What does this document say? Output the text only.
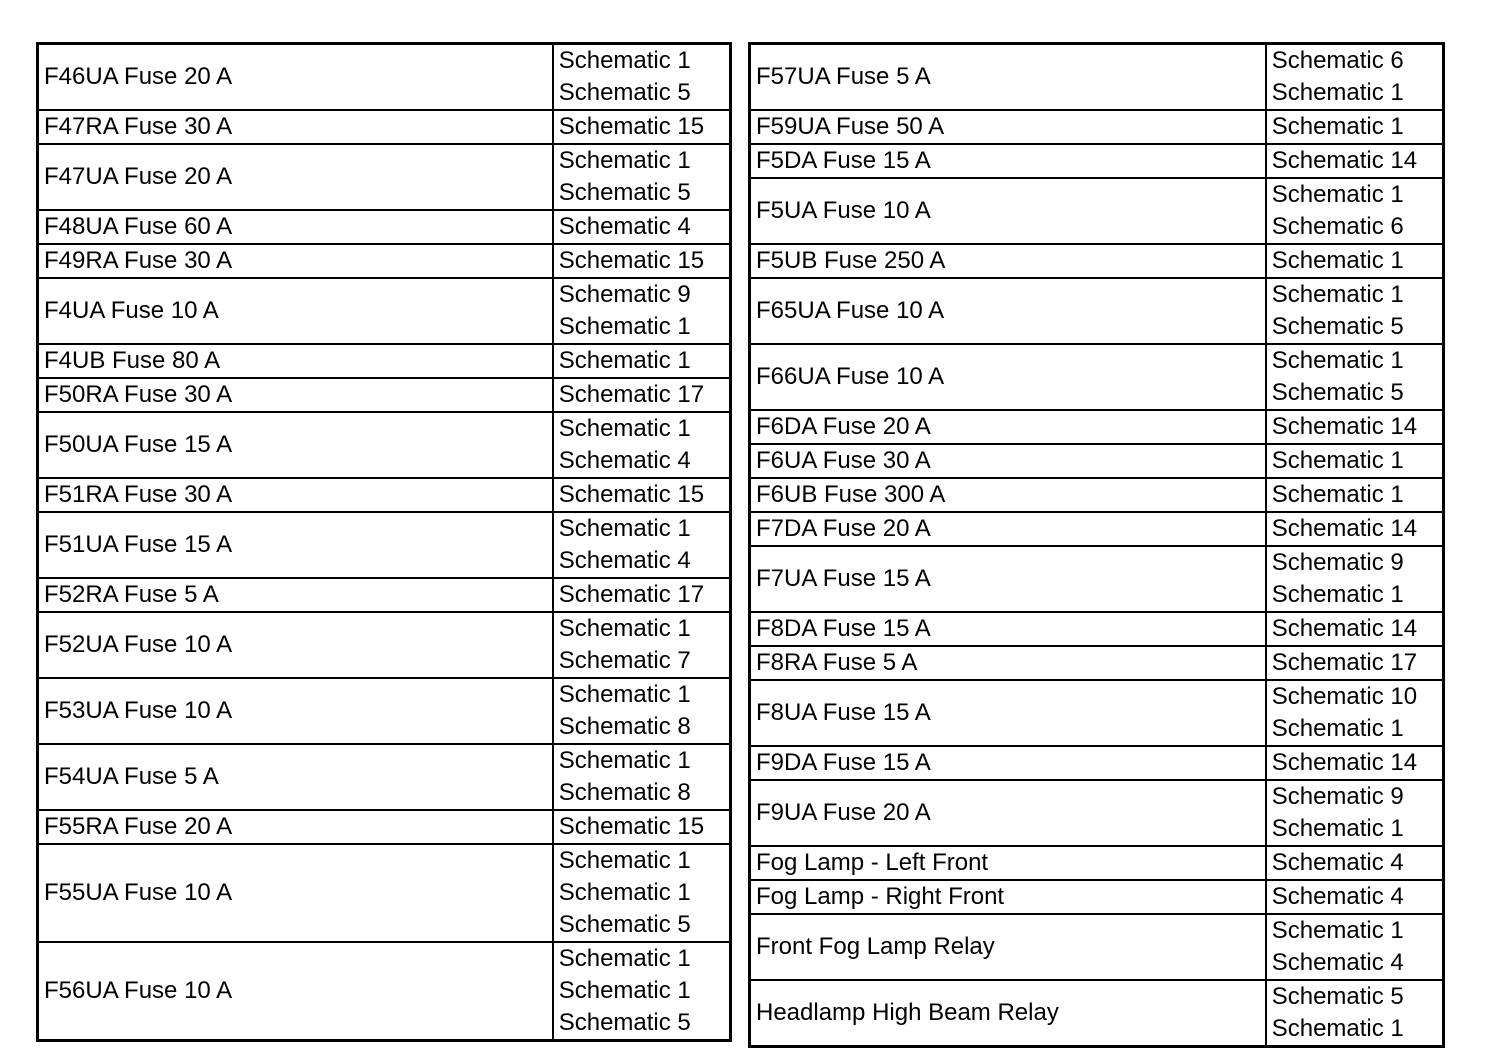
F46UA Fuse 20 A	Schematic 1
Schematic 5

F47RA Fuse 30 A	Schematic 15

F47UA Fuse 20 A	Schematic 1
Schematic 5

F48UA Fuse 60 A	Schematic 4

F49RA Fuse 30 A	Schematic 15

F4UA Fuse 10 A	Schematic 9
Schematic 1

F4UB Fuse 80 A	Schematic 1

F50RA Fuse 30 A	Schematic 17

F50UA Fuse 15 A	Schematic 1
Schematic 4

F51RA Fuse 30 A	Schematic 15

F51UA Fuse 15 A	Schematic 1
Schematic 4

F52RA Fuse 5 A	Schematic 17

F52UA Fuse 10 A	Schematic 1
Schematic 7

F53UA Fuse 10 A	Schematic 1
Schematic 8

F54UA Fuse 5 A	Schematic 1
Schematic 8

F55RA Fuse 20 A	Schematic 15

F55UA Fuse 10 A	Schematic 1
Schematic 1
Schematic 5

F56UA Fuse 10 A	Schematic 1
Schematic 1
Schematic 5
F57UA Fuse 5 A	Schematic 6
Schematic 1

F59UA Fuse 50 A	Schematic 1

F5DA Fuse 15 A	Schematic 14

F5UA Fuse 10 A	Schematic 1
Schematic 6

F5UB Fuse 250 A	Schematic 1

F65UA Fuse 10 A	Schematic 1
Schematic 5

F66UA Fuse 10 A	Schematic 1
Schematic 5

F6DA Fuse 20 A	Schematic 14

F6UA Fuse 30 A	Schematic 1

F6UB Fuse 300 A	Schematic 1

F7DA Fuse 20 A	Schematic 14

F7UA Fuse 15 A	Schematic 9
Schematic 1

F8DA Fuse 15 A	Schematic 14

F8RA Fuse 5 A	Schematic 17

F8UA Fuse 15 A	Schematic 10
Schematic 1

F9DA Fuse 15 A	Schematic 14

F9UA Fuse 20 A	Schematic 9
Schematic 1

Fog Lamp - Left Front	Schematic 4

Fog Lamp - Right Front	Schematic 4

Front Fog Lamp Relay	Schematic 1
Schematic 4

Headlamp High Beam Relay	Schematic 5
Schematic 1
